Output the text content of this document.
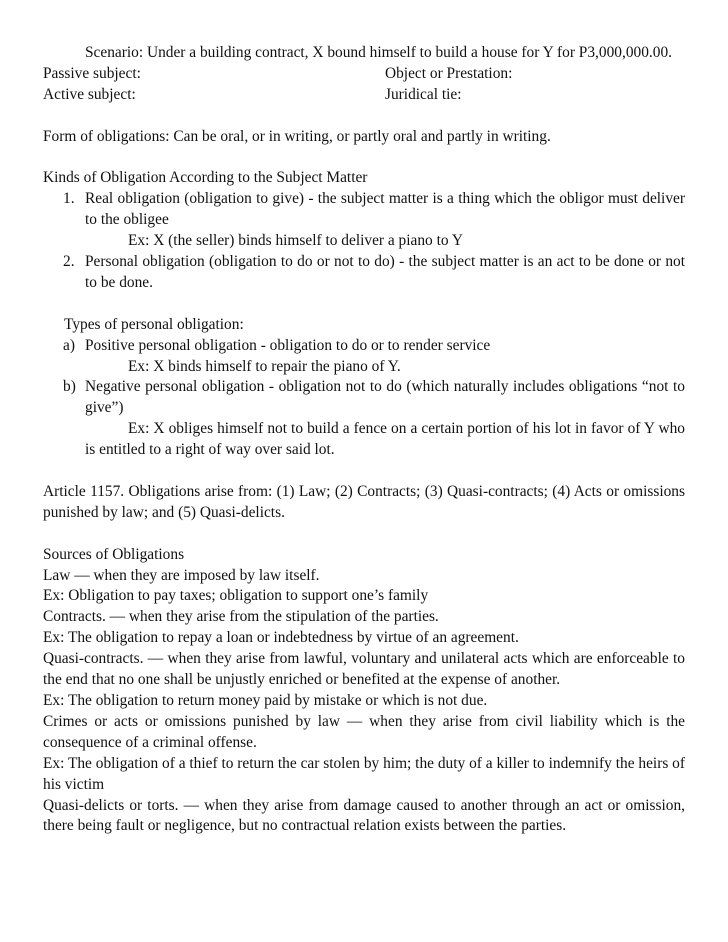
Scenario: Under a building contract, X bound himself to build a house for Y for P3,000,000.00.

Passive subject:	Object or Prestation:
Active subject:	Juridical tie:

Form of obligations: Can be oral, or in writing, or partly oral and partly in writing.

Kinds of Obligation According to the Subject Matter

1. Real obligation (obligation to give) - the subject matter is a thing which the obligor must deliver to the obligee
Ex: X (the seller) binds himself to deliver a piano to Y
2. Personal obligation (obligation to do or not to do) - the subject matter is an act to be done or not to be done.

Types of personal obligation:

a) Positive personal obligation - obligation to do or to render service
Ex: X binds himself to repair the piano of Y.
b) Negative personal obligation - obligation not to do (which naturally includes obligations “not to give”)
Ex: X obliges himself not to build a fence on a certain portion of his lot in favor of Y who is entitled to a right of way over said lot.

Article 1157. Obligations arise from: (1) Law; (2) Contracts; (3) Quasi-contracts; (4) Acts or omissions punished by law; and (5) Quasi-delicts.

Sources of Obligations

Law — when they are imposed by law itself.

Ex: Obligation to pay taxes; obligation to support one’s family

Contracts. — when they arise from the stipulation of the parties.

Ex: The obligation to repay a loan or indebtedness by virtue of an agreement.

Quasi-contracts. — when they arise from lawful, voluntary and unilateral acts which are enforceable to the end that no one shall be unjustly enriched or benefited at the expense of another.

Ex: The obligation to return money paid by mistake or which is not due.

Crimes or acts or omissions punished by law — when they arise from civil liability which is the consequence of a criminal offense.

Ex: The obligation of a thief to return the car stolen by him; the duty of a killer to indemnify the heirs of his victim

Quasi-delicts or torts. — when they arise from damage caused to another through an act or omission, there being fault or negligence, but no contractual relation exists between the parties.
